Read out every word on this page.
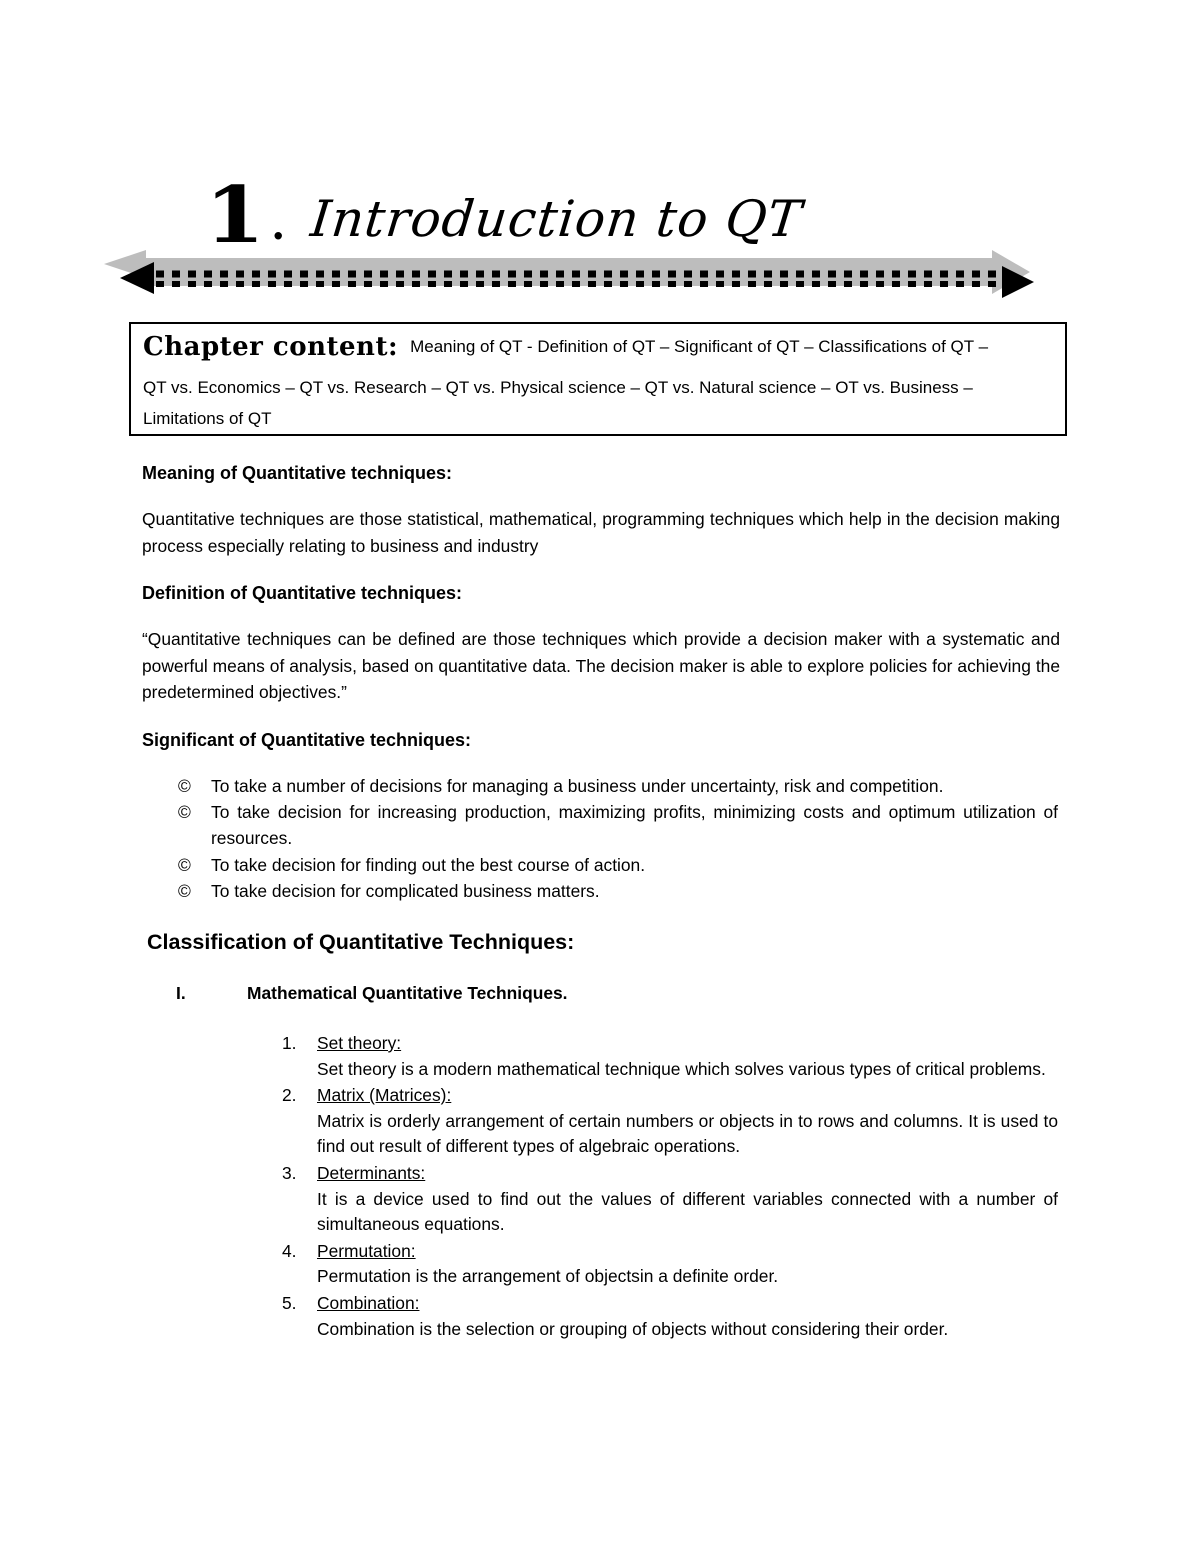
1 . Introduction to QT
Chapter content: Meaning of QT - Definition of QT – Significant of QT – Classifications of QT –
QT vs. Economics – QT vs. Research – QT vs. Physical science – QT vs. Natural science – OT vs. Business –
Limitations of QT
Meaning of Quantitative techniques:
Quantitative techniques are those statistical, mathematical, programming techniques which help in the decision making process especially relating to business and industry
Definition of Quantitative techniques:
“Quantitative techniques can be defined are those techniques which provide a decision maker with a systematic and powerful means of analysis, based on quantitative data. The decision maker is able to explore policies for achieving the predetermined objectives.”
Significant of Quantitative techniques:
© To take a number of decisions for managing a business under uncertainty, risk and competition.
© To take decision for increasing production, maximizing profits, minimizing costs and optimum utilization of resources.
© To take decision for finding out the best course of action.
© To take decision for complicated business matters.
Classification of Quantitative Techniques:
I.	Mathematical Quantitative Techniques.
1. Set theory:
Set theory is a modern mathematical technique which solves various types of critical problems.
2. Matrix (Matrices):
Matrix is orderly arrangement of certain numbers or objects in to rows and columns. It is used to find out result of different types of algebraic operations.
3. Determinants:
It is a device used to find out the values of different variables connected with a number of simultaneous equations.
4. Permutation:
Permutation is the arrangement of objectsin a definite order.
5. Combination:
Combination is the selection or grouping of objects without considering their order.
